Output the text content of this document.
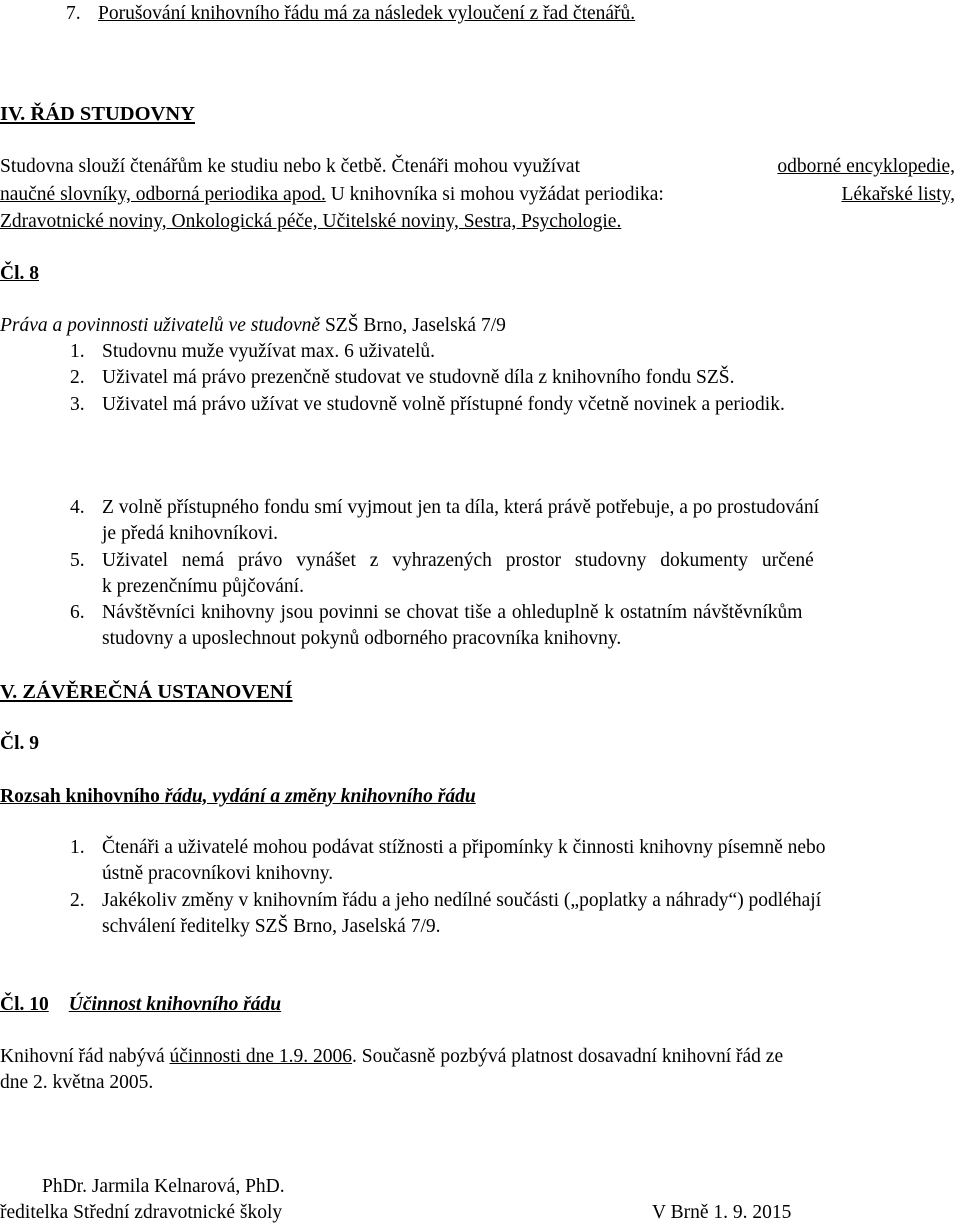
7. Porušování knihovního řádu má za následek vyloučení z řad čtenářů.
IV. ŘÁD STUDOVNY
Studovna slouží čtenářům ke studiu nebo k četbě. Čtenáři mohou využívat	odborné encyklopedie,
naučné slovníky, odborná periodika apod. U knihovníka si mohou vyžádat periodika:	Lékařské listy,
Zdravotnické noviny, Onkologická péče, Učitelské noviny, Sestra, Psychologie.
Čl. 8
Práva a povinnosti uživatelů ve studovně SZŠ Brno, Jaselská 7/9
1. Studovnu muže využívat max. 6 uživatelů.
2. Uživatel má právo prezenčně studovat ve studovně díla z knihovního fondu SZŠ.
3. Uživatel má právo užívat ve studovně volně přístupné fondy včetně novinek a periodik.
4. Z volně přístupného fondu smí vyjmout jen ta díla, která právě potřebuje, a po prostudování
je předá knihovníkovi.
5. Uživatel nemá právo vynášet z vyhrazených prostor studovny dokumenty určené
k prezenčnímu půjčování.
6. Návštěvníci knihovny jsou povinni se chovat tiše a ohleduplně k ostatním návštěvníkům
studovny a uposlechnout pokynů odborného pracovníka knihovny.
V. ZÁVĚREČNÁ USTANOVENÍ
Čl. 9
Rozsah knihovního řádu, vydání a změny knihovního řádu
1. Čtenáři a uživatelé mohou podávat stížnosti a připomínky k činnosti knihovny písemně nebo
ústně pracovníkovi knihovny.
2. Jakékoliv změny v knihovním řádu a jeho nedílné součásti („poplatky a náhrady“) podléhají
schválení ředitelky SZŠ Brno, Jaselská 7/9.
Čl. 10 Účinnost knihovního řádu
Knihovní řád nabývá účinnosti dne 1.9. 2006. Současně pozbývá platnost dosavadní knihovní řád ze
dne 2. května 2005.
PhDr. Jarmila Kelnarová, PhD.
ředitelka Střední zdravotnické školy	V Brně 1. 9. 2015
